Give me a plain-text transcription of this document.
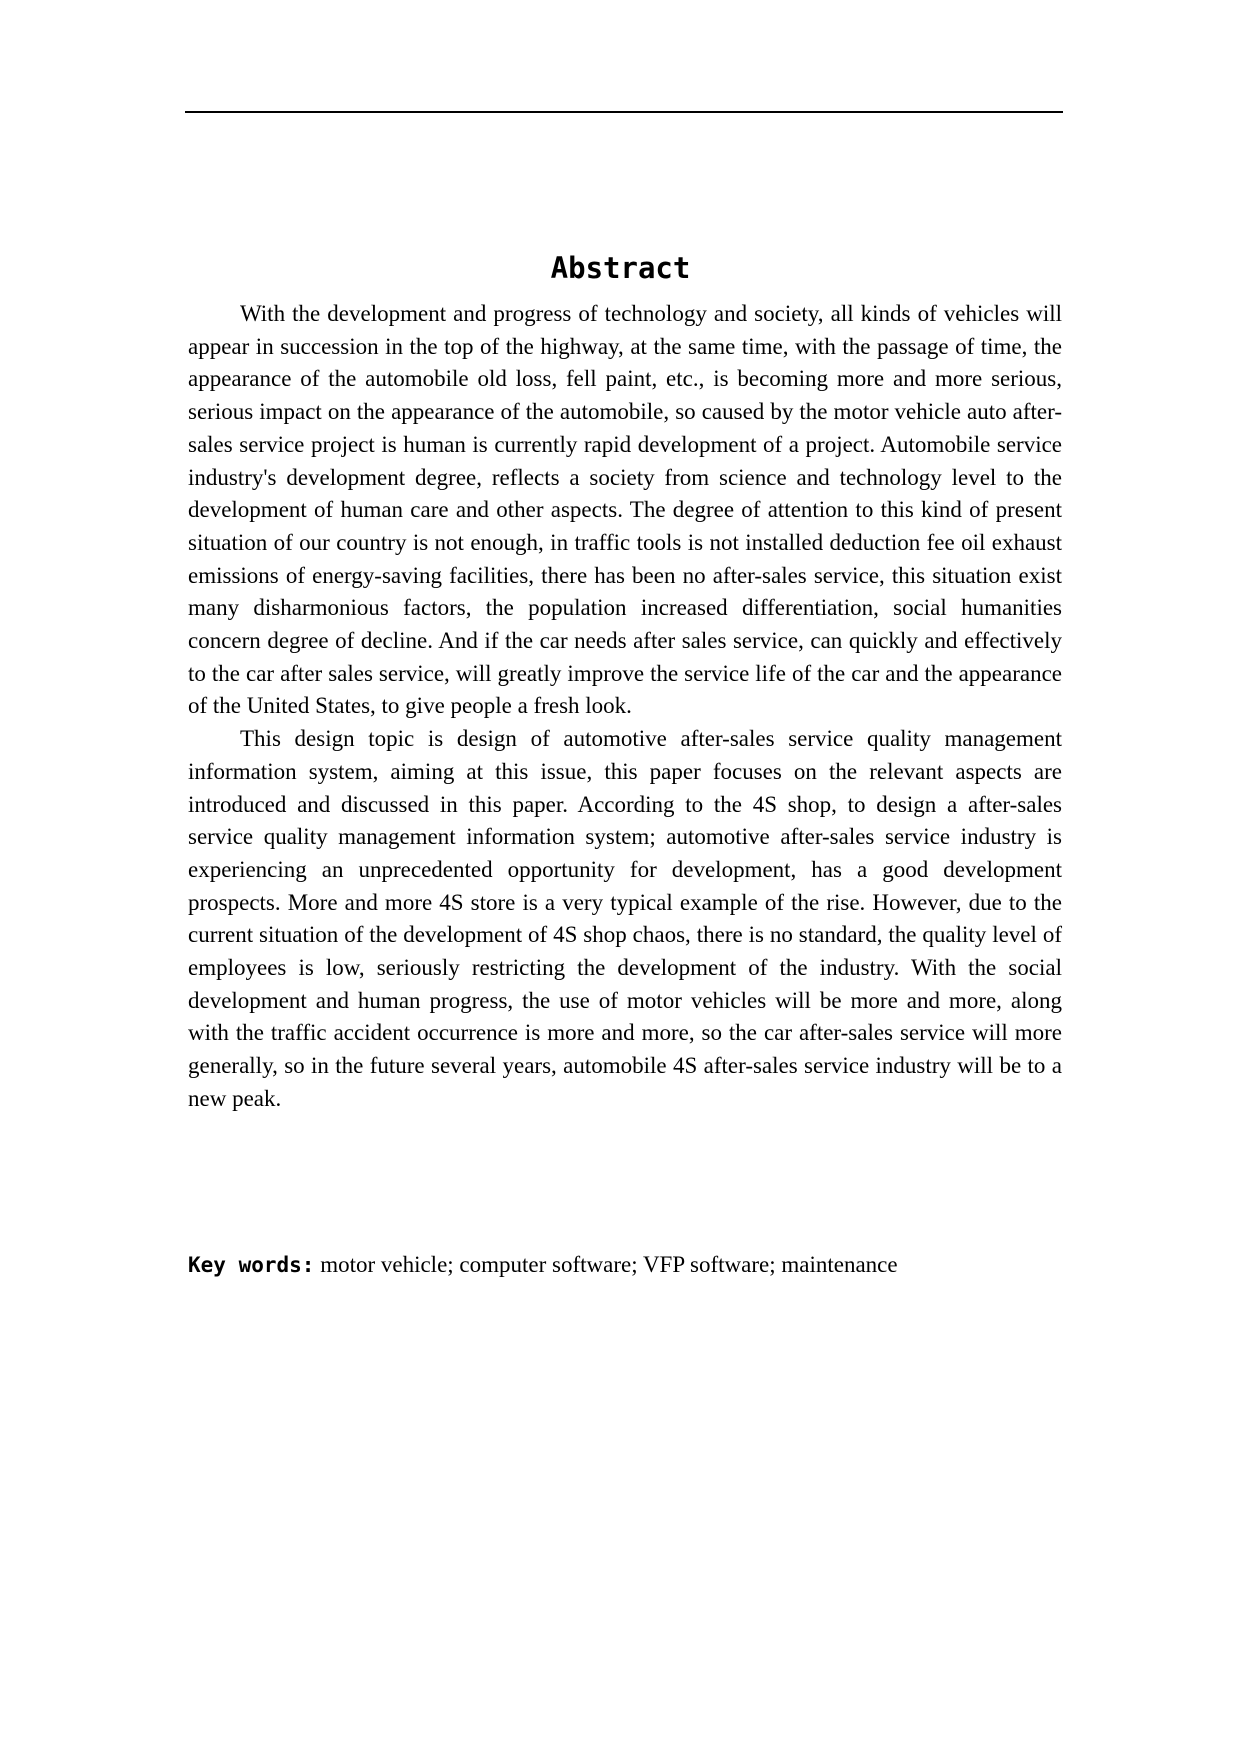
Abstract

With the development and progress of technology and society, all kinds of vehicles will appear in succession in the top of the highway, at the same time, with the passage of time, the appearance of the automobile old loss, fell paint, etc., is becoming more and more serious, serious impact on the appearance of the automobile, so caused by the motor vehicle auto after-sales service project is human is currently rapid development of a project. Automobile service industry's development degree, reflects a society from science and technology level to the development of human care and other aspects. The degree of attention to this kind of present situation of our country is not enough, in traffic tools is not installed deduction fee oil exhaust emissions of energy-saving facilities, there has been no after-sales service, this situation exist many disharmonious factors, the population increased differentiation, social humanities concern degree of decline. And if the car needs after sales service, can quickly and effectively to the car after sales service, will greatly improve the service life of the car and the appearance of the United States, to give people a fresh look.

This design topic is design of automotive after-sales service quality management information system, aiming at this issue, this paper focuses on the relevant aspects are introduced and discussed in this paper. According to the 4S shop, to design a after-sales service quality management information system; automotive after-sales service industry is experiencing an unprecedented opportunity for development, has a good development prospects. More and more 4S store is a very typical example of the rise. However, due to the current situation of the development of 4S shop chaos, there is no standard, the quality level of employees is low, seriously restricting the development of the industry. With the social development and human progress, the use of motor vehicles will be more and more, along with the traffic accident occurrence is more and more, so the car after-sales service will more generally, so in the future several years, automobile 4S after-sales service industry will be to a new peak.

Key words: motor vehicle; computer software; VFP software; maintenance
